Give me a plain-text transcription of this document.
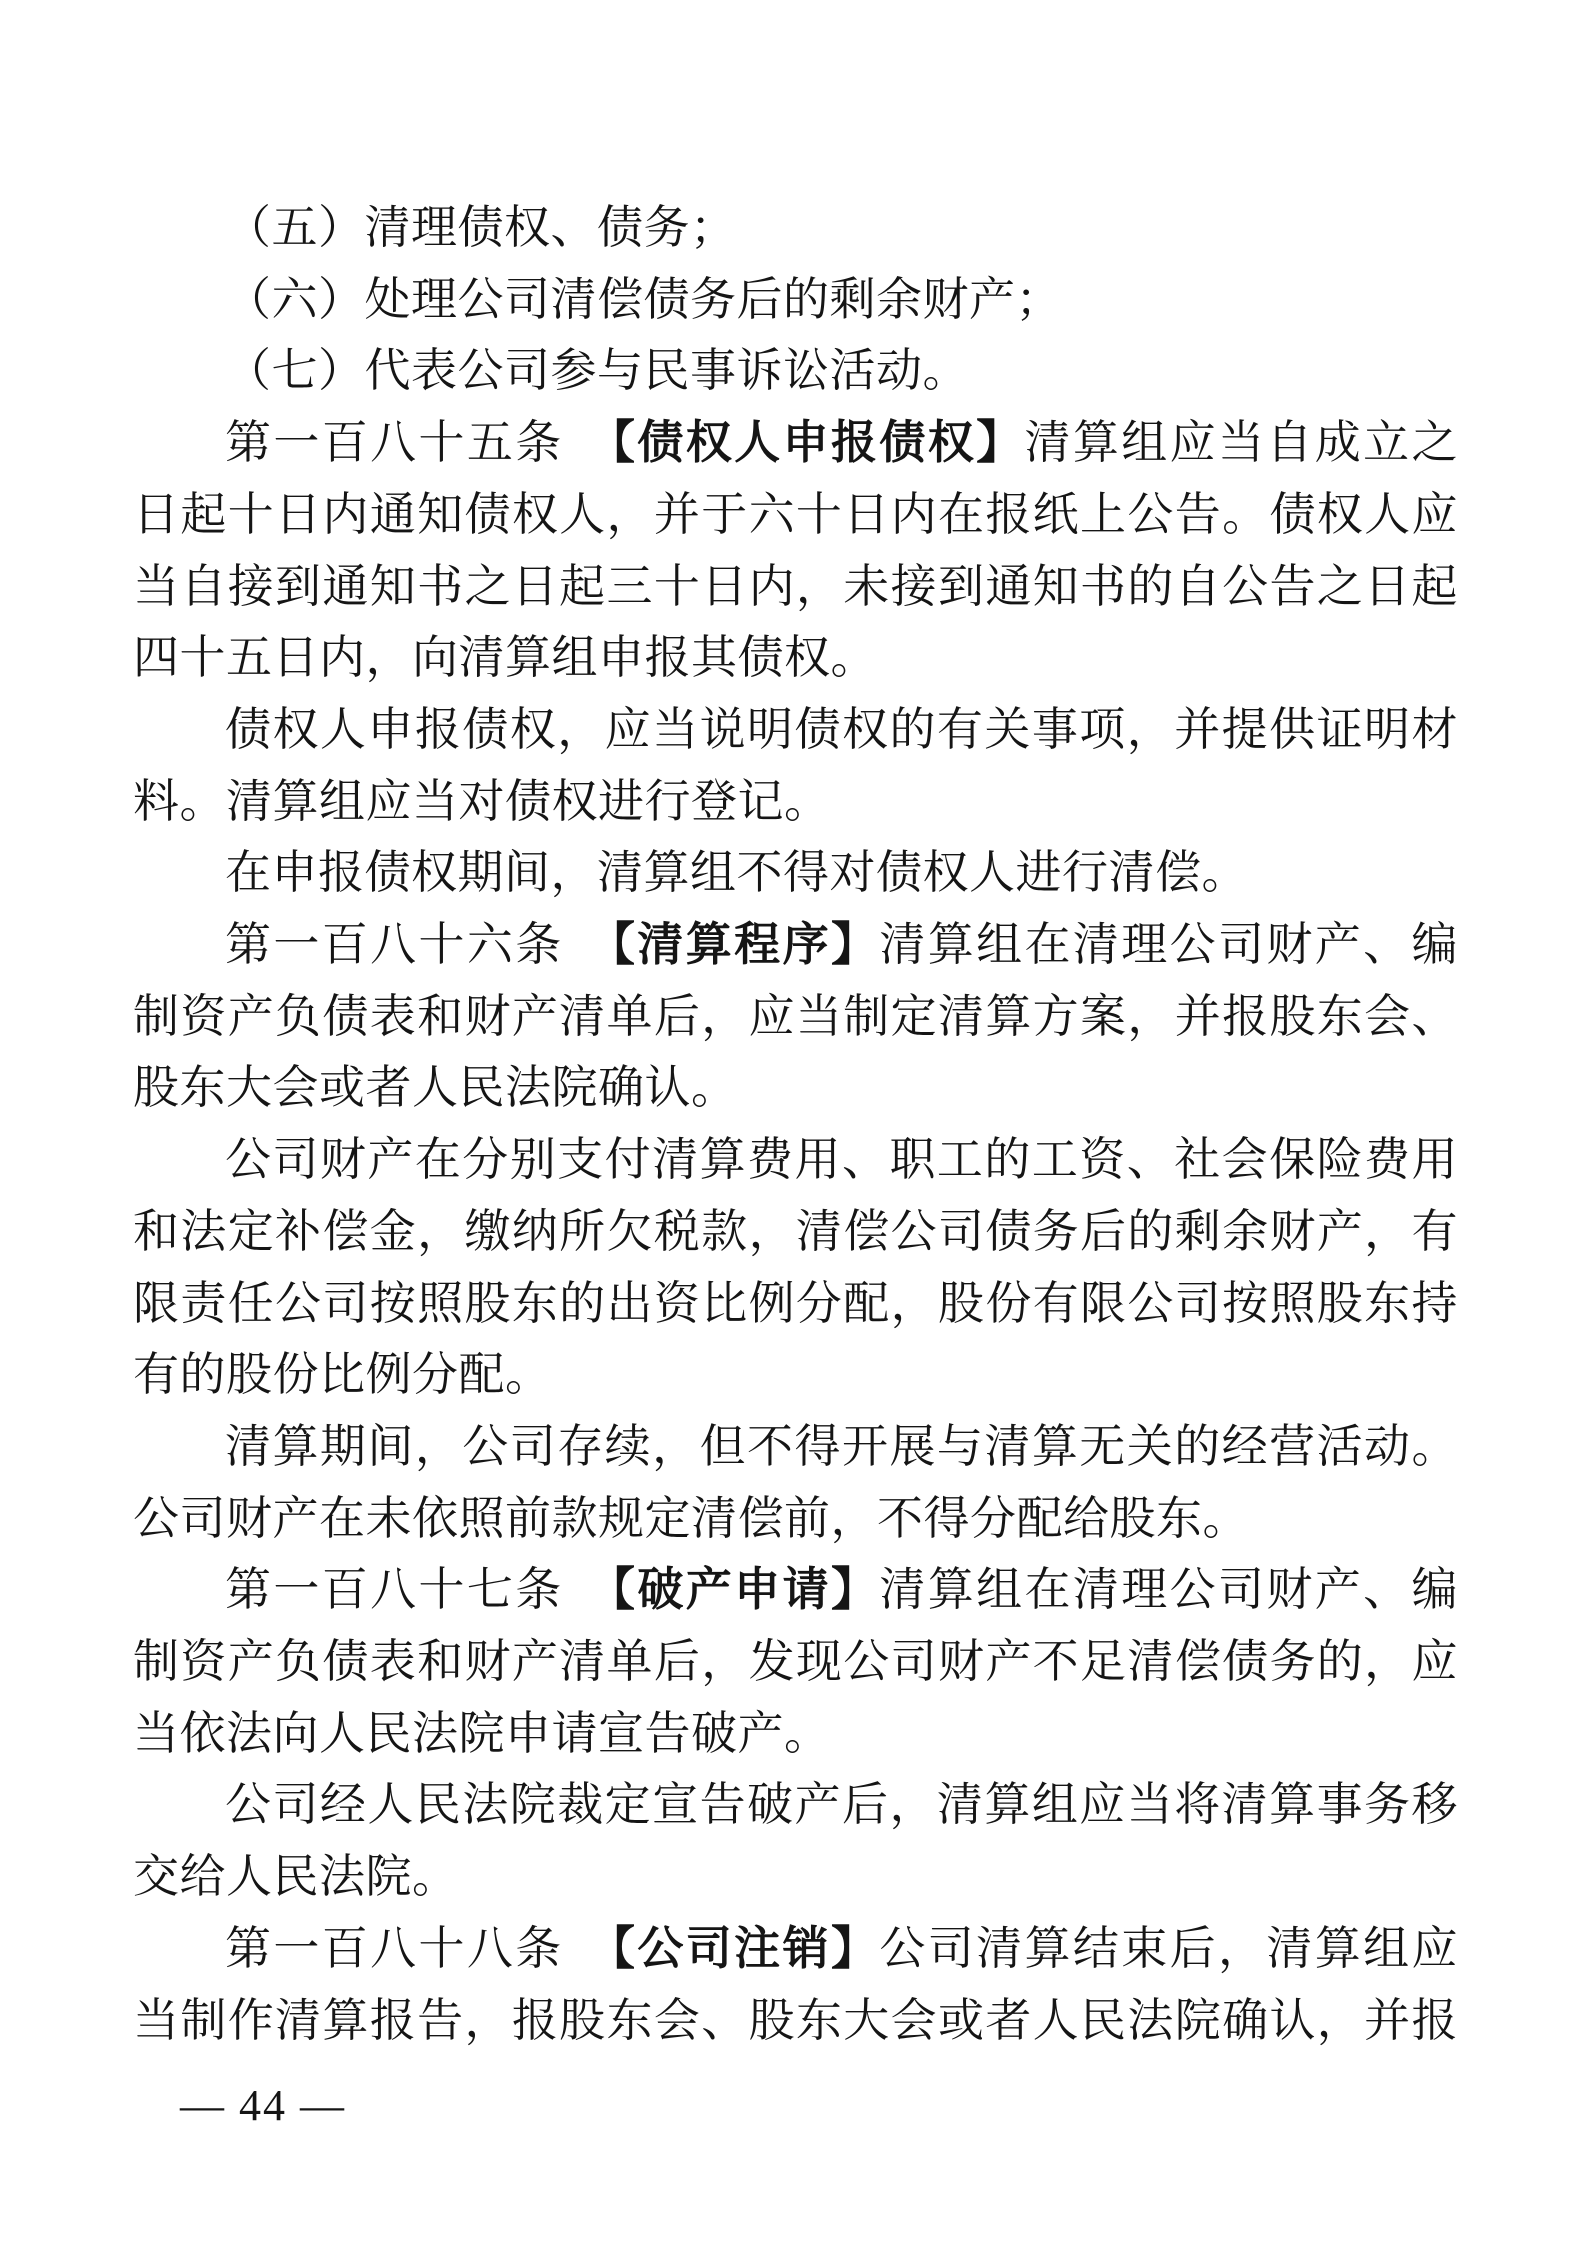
（五）清理债权、债务；
（六）处理公司清偿债务后的剩余财产；
（七）代表公司参与民事诉讼活动。
第一百八十五条　【债权人申报债权】清算组应当自成立之
日起十日内通知债权人，并于六十日内在报纸上公告。债权人应
当自接到通知书之日起三十日内，未接到通知书的自公告之日起
四十五日内，向清算组申报其债权。
债权人申报债权，应当说明债权的有关事项，并提供证明材
料。清算组应当对债权进行登记。
在申报债权期间，清算组不得对债权人进行清偿。
第一百八十六条　【清算程序】清算组在清理公司财产、编
制资产负债表和财产清单后，应当制定清算方案，并报股东会、
股东大会或者人民法院确认。
公司财产在分别支付清算费用、职工的工资、社会保险费用
和法定补偿金，缴纳所欠税款，清偿公司债务后的剩余财产，有
限责任公司按照股东的出资比例分配，股份有限公司按照股东持
有的股份比例分配。
清算期间，公司存续，但不得开展与清算无关的经营活动。
公司财产在未依照前款规定清偿前，不得分配给股东。
第一百八十七条　【破产申请】清算组在清理公司财产、编
制资产负债表和财产清单后，发现公司财产不足清偿债务的，应
当依法向人民法院申请宣告破产。
公司经人民法院裁定宣告破产后，清算组应当将清算事务移
交给人民法院。
第一百八十八条　【公司注销】公司清算结束后，清算组应
当制作清算报告，报股东会、股东大会或者人民法院确认，并报
— 44 —
